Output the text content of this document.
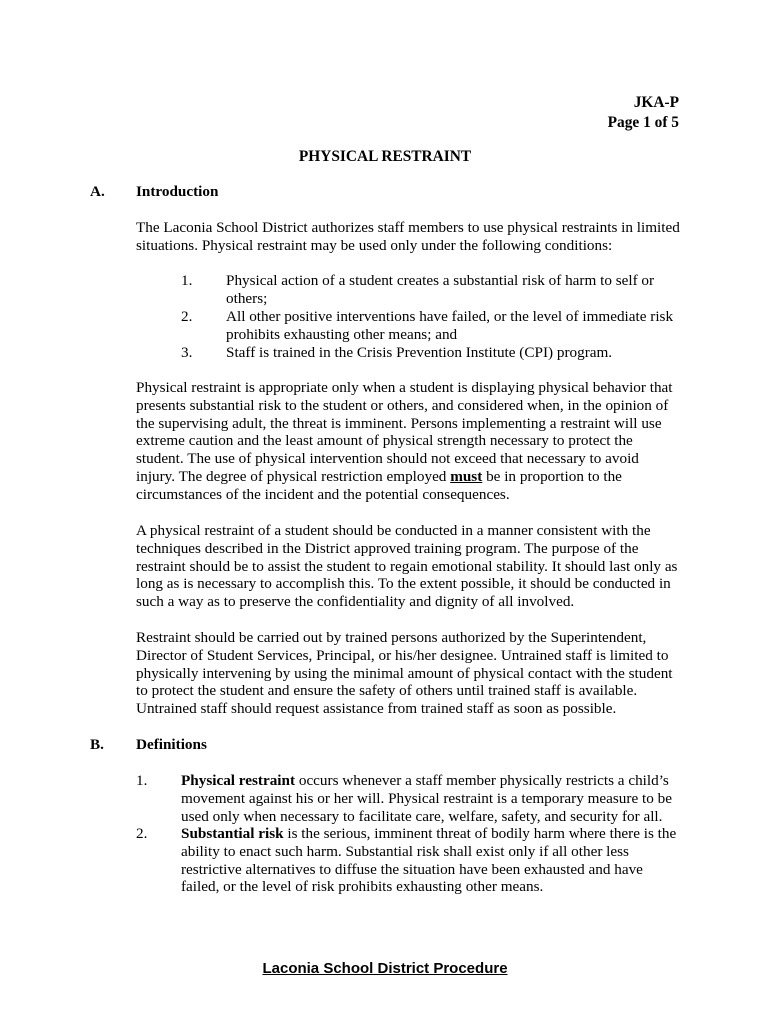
JKA-P
Page 1 of 5
PHYSICAL RESTRAINT
A. Introduction
The Laconia School District authorizes staff members to use physical restraints in limited
situations. Physical restraint may be used only under the following conditions:
1. Physical action of a student creates a substantial risk of harm to self or
others;
2. All other positive interventions have failed, or the level of immediate risk
prohibits exhausting other means; and
3. Staff is trained in the Crisis Prevention Institute (CPI) program.
Physical restraint is appropriate only when a student is displaying physical behavior that
presents substantial risk to the student or others, and considered when, in the opinion of
the supervising adult, the threat is imminent. Persons implementing a restraint will use
extreme caution and the least amount of physical strength necessary to protect the
student. The use of physical intervention should not exceed that necessary to avoid
injury. The degree of physical restriction employed must be in proportion to the
circumstances of the incident and the potential consequences.
A physical restraint of a student should be conducted in a manner consistent with the
techniques described in the District approved training program. The purpose of the
restraint should be to assist the student to regain emotional stability. It should last only as
long as is necessary to accomplish this. To the extent possible, it should be conducted in
such a way as to preserve the confidentiality and dignity of all involved.
Restraint should be carried out by trained persons authorized by the Superintendent,
Director of Student Services, Principal, or his/her designee. Untrained staff is limited to
physically intervening by using the minimal amount of physical contact with the student
to protect the student and ensure the safety of others until trained staff is available.
Untrained staff should request assistance from trained staff as soon as possible.
B. Definitions
1. Physical restraint occurs whenever a staff member physically restricts a child’s
movement against his or her will. Physical restraint is a temporary measure to be
used only when necessary to facilitate care, welfare, safety, and security for all.
2. Substantial risk is the serious, imminent threat of bodily harm where there is the
ability to enact such harm. Substantial risk shall exist only if all other less
restrictive alternatives to diffuse the situation have been exhausted and have
failed, or the level of risk prohibits exhausting other means.
Laconia School District Procedure
